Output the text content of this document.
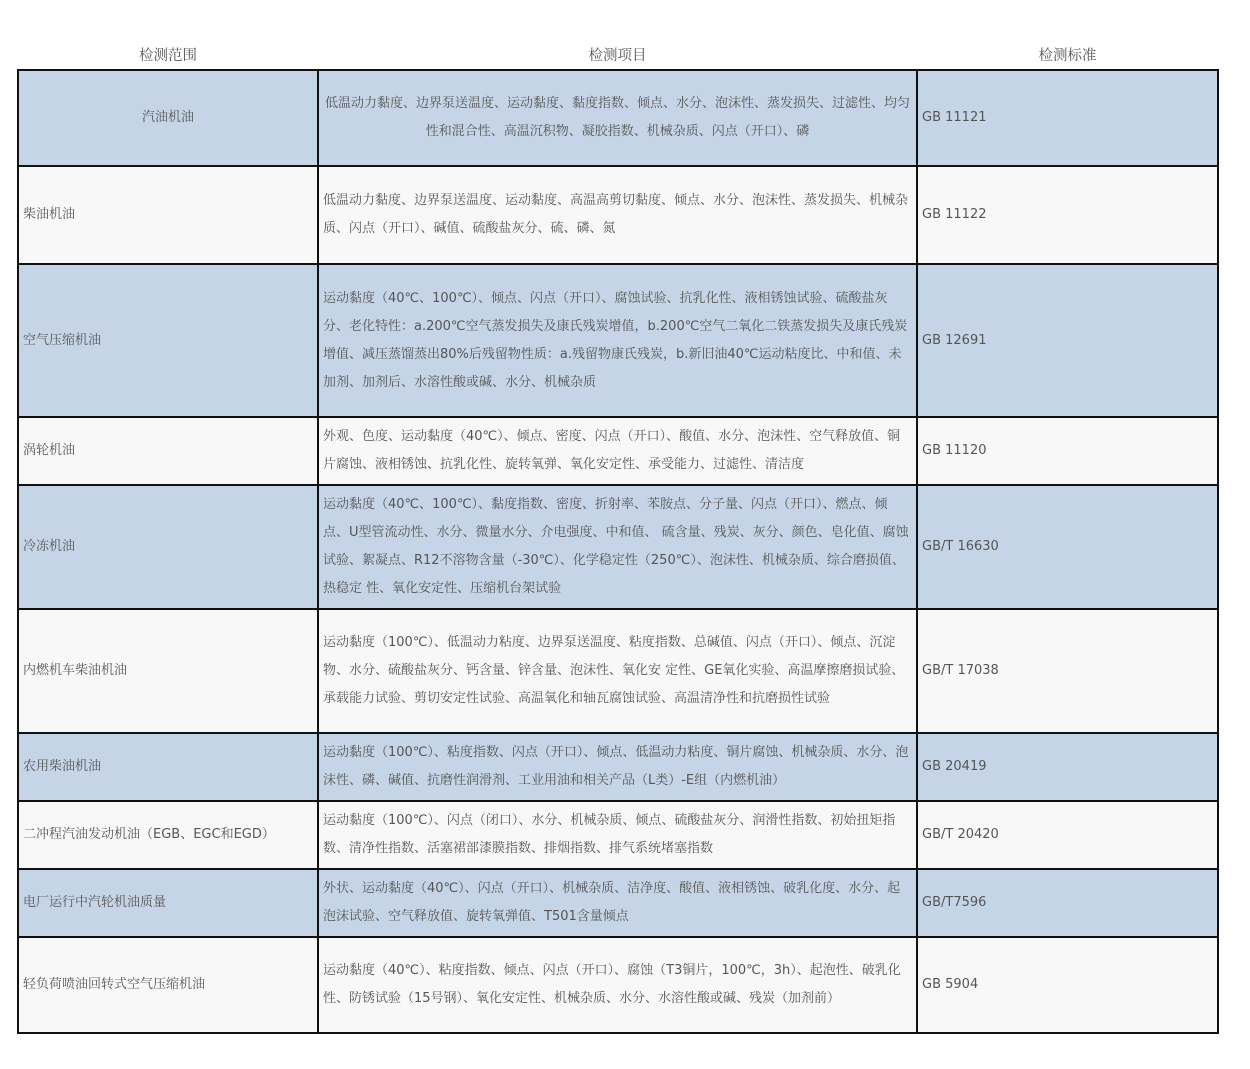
检测范围	检测项目	检测标准
汽油机油	低温动力黏度、边界泵送温度、运动黏度、黏度指数、倾点、水分、泡沫性、蒸发损失、过滤性、均匀性和混合性、高温沉积物、凝胶指数、机械杂质、闪点（开口）、磷	GB 11121
柴油机油	低温动力黏度、边界泵送温度、运动黏度、高温高剪切黏度、倾点、水分、泡沫性、蒸发损失、机械杂质、闪点（开口）、碱值、硫酸盐灰分、硫、磷、氮	GB 11122
空气压缩机油	运动黏度（40℃、100℃）、倾点、闪点（开口）、腐蚀试验、抗乳化性、液相锈蚀试验、硫酸盐灰分、老化特性：a.200℃空气蒸发损失及康氏残炭增值，b.200℃空气二氧化二铁蒸发损失及康氏残炭增值、减压蒸馏蒸出80%后残留物性质：a.残留物康氏残炭，b.新旧油40℃运动粘度比、中和值、未加剂、加剂后、水溶性酸或碱、水分、机械杂质	GB 12691
涡轮机油	外观、色度、运动黏度（40℃）、倾点、密度、闪点（开口）、酸值、水分、泡沫性、空气释放值、铜片腐蚀、液相锈蚀、抗乳化性、旋转氧弹、氧化安定性、承受能力、过滤性、清洁度	GB 11120
冷冻机油	运动黏度（40℃、100℃）、黏度指数、密度、折射率、苯胺点、分子量、闪点（开口）、燃点、倾点、U型管流动性、水分、微量水分、介电强度、中和值、 硫含量、残炭、灰分、颜色、皂化值、腐蚀试验、絮凝点、R12不溶物含量（-30℃）、化学稳定性（250℃）、泡沫性、机械杂质、综合磨损值、热稳定 性、氧化安定性、压缩机台架试验	GB/T 16630
内燃机车柴油机油	运动黏度（100℃）、低温动力粘度、边界泵送温度、粘度指数、总碱值、闪点（开口）、倾点、沉淀物、水分、硫酸盐灰分、钙含量、锌含量、泡沫性、氧化安 定性、GE氧化实验、高温摩擦磨损试验、承载能力试验、剪切安定性试验、高温氧化和轴瓦腐蚀试验、高温清净性和抗磨损性试验	GB/T 17038
农用柴油机油	运动黏度（100℃）、粘度指数、闪点（开口）、倾点、低温动力粘度、铜片腐蚀、机械杂质、水分、泡沫性、磷、碱值、抗磨性润滑剂、工业用油和相关产品（L类）-E组（内燃机油）	GB 20419
二冲程汽油发动机油（EGB、EGC和EGD）	运动黏度（100℃）、闪点（闭口）、水分、机械杂质、倾点、硫酸盐灰分、润滑性指数、初始扭矩指数、清净性指数、活塞裙部漆膜指数、排烟指数、排气系统堵塞指数	GB/T 20420
电厂运行中汽轮机油质量	外状、运动黏度（40℃）、闪点（开口）、机械杂质、洁净度、酸值、液相锈蚀、破乳化度、水分、起泡沫试验、空气释放值、旋转氧弹值、T501含量倾点	GB/T7596
轻负荷喷油回转式空气压缩机油	运动黏度（40℃）、粘度指数、倾点、闪点（开口）、腐蚀（T3铜片，100℃，3h）、起泡性、破乳化性、防锈试验（15号钢）、氧化安定性、机械杂质、水分、水溶性酸或碱、残炭（加剂前）	GB 5904
